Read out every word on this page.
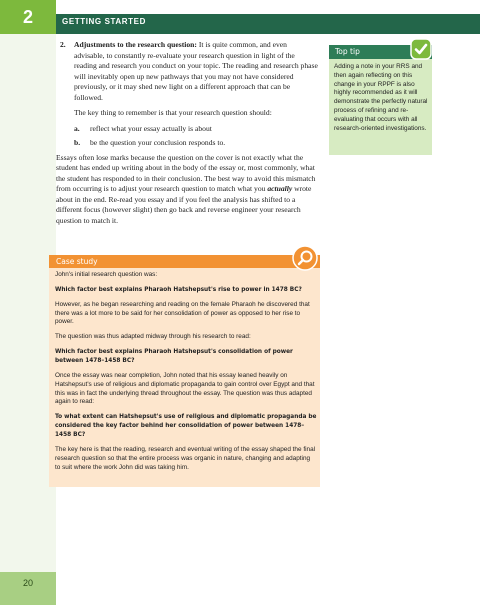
2	GETTING STARTED
20
2. Adjustments to the research question: It is quite common, and even advisable, to constantly re-evaluate your research question in light of the reading and research you conduct on your topic. The reading and research phase will inevitably open up new pathways that you may not have considered previously, or it may shed new light on a different approach that can be followed.
The key thing to remember is that your research question should:
a. reflect what your essay actually is about
b. be the question your conclusion responds to.
Essays often lose marks because the question on the cover is not exactly what the student has ended up writing about in the body of the essay or, most commonly, what the student has responded to in their conclusion. The best way to avoid this mismatch from occurring is to adjust your research question to match what you actually wrote about in the end. Re-read you essay and if you feel the analysis has shifted to a different focus (however slight) then go back and reverse engineer your research question to match it.
Top tip
Adding a note in your RRS and then again reflecting on this change in your RPPF is also highly recommended as it will demonstrate the perfectly natural process of refining and re-evaluating that occurs with all research-oriented investigations.
Case study

John's initial research question was:

Which factor best explains Pharaoh Hatshepsut's rise to power in 1478 BC?

However, as he began researching and reading on the female Pharaoh he discovered that there was a lot more to be said for her consolidation of power as opposed to her rise to power.

The question was thus adapted midway through his research to read:

Which factor best explains Pharaoh Hatshepsut's consolidation of power between 1478–1458 BC?

Once the essay was near completion, John noted that his essay leaned heavily on Hatshepsut's use of religious and diplomatic propaganda to gain control over Egypt and that this was in fact the underlying thread throughout the essay. The question was thus adapted again to read:

To what extent can Hatshepsut's use of religious and diplomatic propaganda be considered the key factor behind her consolidation of power between 1478–1458 BC?

The key here is that the reading, research and eventual writing of the essay shaped the final research question so that the entire process was organic in nature, changing and adapting to suit where the work John did was taking him.
